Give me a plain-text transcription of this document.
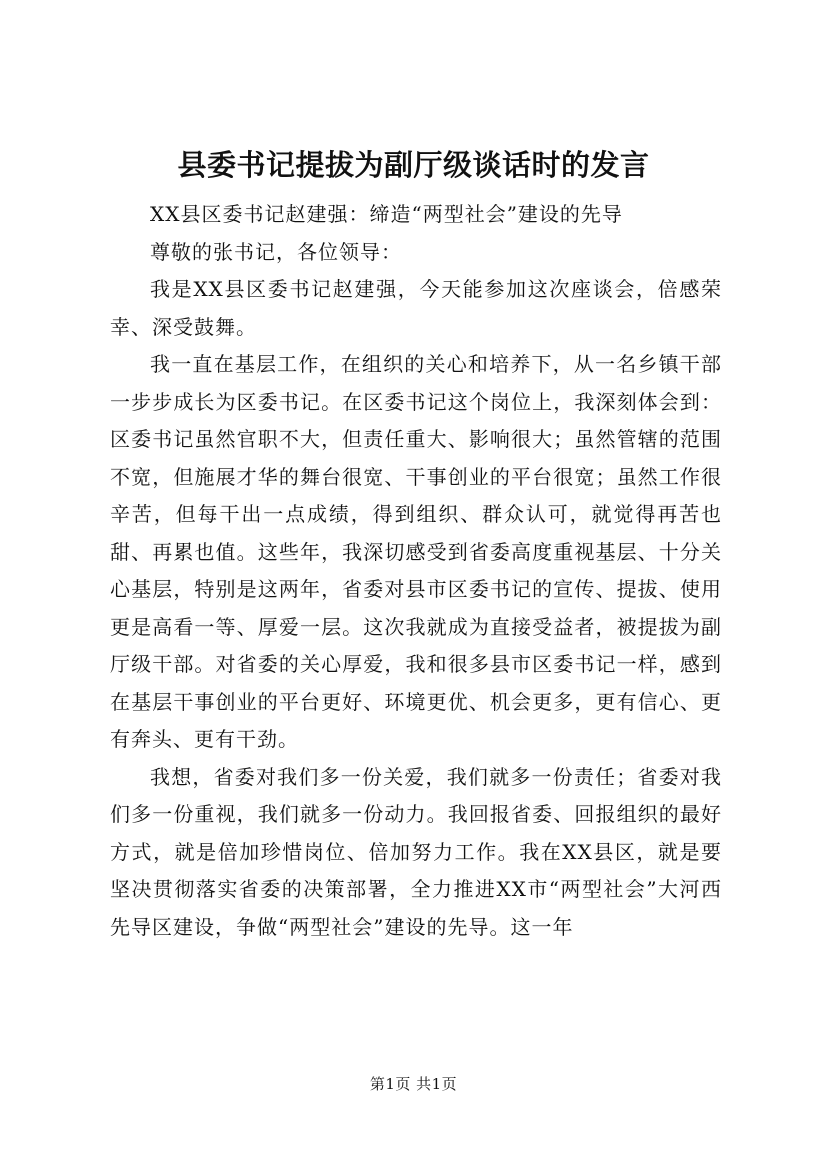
县委书记提拔为副厅级谈话时的发言

XX县区委书记赵建强：缔造“两型社会”建设的先导

尊敬的张书记，各位领导：

我是XX县区委书记赵建强，今天能参加这次座谈会，倍感荣幸、深受鼓舞。

我一直在基层工作，在组织的关心和培养下，从一名乡镇干部一步步成长为区委书记。在区委书记这个岗位上，我深刻体会到：区委书记虽然官职不大，但责任重大、影响很大；虽然管辖的范围不宽，但施展才华的舞台很宽、干事创业的平台很宽；虽然工作很辛苦，但每干出一点成绩，得到组织、群众认可，就觉得再苦也甜、再累也值。这些年，我深切感受到省委高度重视基层、十分关心基层，特别是这两年，省委对县市区委书记的宣传、提拔、使用更是高看一等、厚爱一层。这次我就成为直接受益者，被提拔为副厅级干部。对省委的关心厚爱，我和很多县市区委书记一样，感到在基层干事创业的平台更好、环境更优、机会更多，更有信心、更有奔头、更有干劲。

我想，省委对我们多一份关爱，我们就多一份责任；省委对我们多一份重视，我们就多一份动力。我回报省委、回报组织的最好方式，就是倍加珍惜岗位、倍加努力工作。我在XX县区，就是要坚决贯彻落实省委的决策部署，全力推进XX市“两型社会”大河西先导区建设，争做“两型社会”建设的先导。这一年

第1页 共1页
